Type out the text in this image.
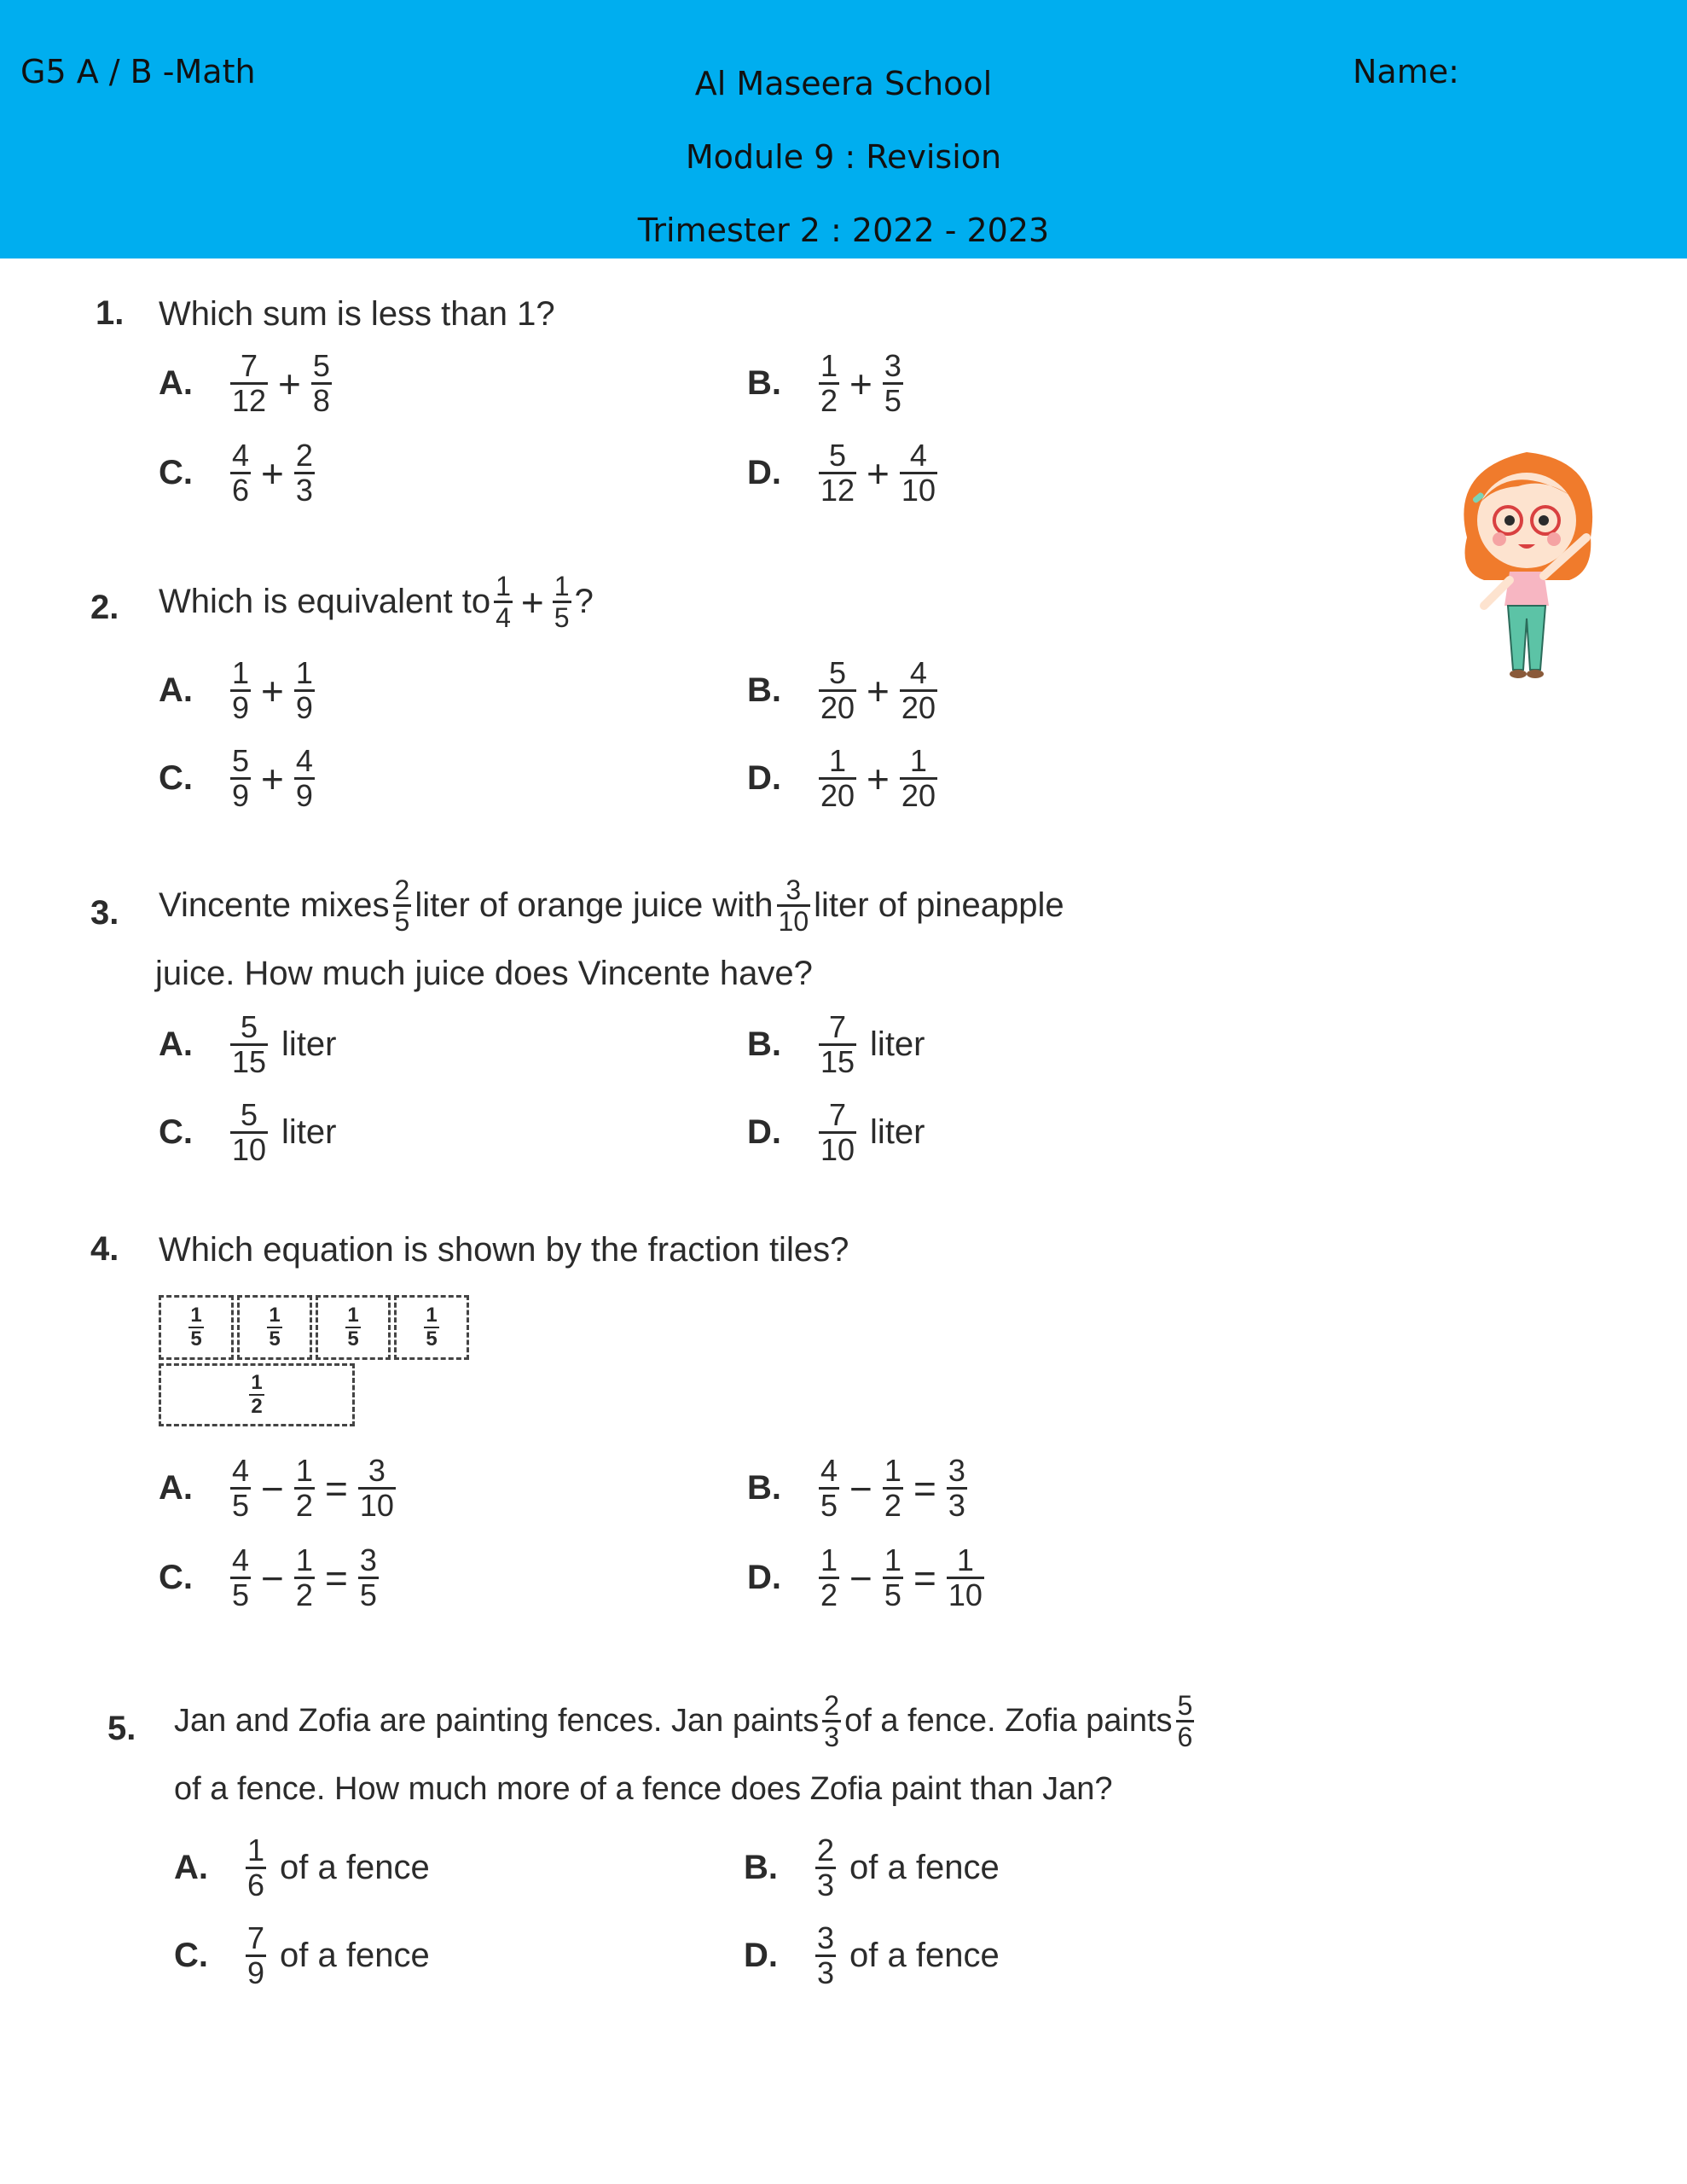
G5 A / B -Math	Al Maseera School
Module 9 : Revision
Trimester 2 : 2022 - 2023
Name:
1. Which sum is less than 1?
A.	$\frac{7}{12} + \frac{5}{8}$	B.	$\frac{1}{2} + \frac{3}{5}$
C.	$\frac{4}{6} + \frac{2}{3}$	D.	$\frac{5}{12} + \frac{4}{10}$
2. Which is equivalent to $\frac{1}{4} + \frac{1}{5}$ ?
A.	$\frac{1}{9} + \frac{1}{9}$	B.	$\frac{5}{20} + \frac{4}{20}$
C.	$\frac{5}{9} + \frac{4}{9}$	D.	$\frac{1}{20} + \frac{1}{20}$
3. Vincente mixes $\frac{2}{5}$ liter of orange juice with $\frac{3}{10}$ liter of pineapple
juice. How much juice does Vincente have?
A.	$\frac{5}{15}$ liter	B.	$\frac{7}{15}$ liter
C.	$\frac{5}{10}$ liter	D.	$\frac{7}{10}$ liter
4. Which equation is shown by the fraction tiles?
$\frac{1}{5}$	$\frac{1}{5}$	$\frac{1}{5}$	$\frac{1}{5}$
$\frac{1}{2}$
A.	$\frac{4}{5} - \frac{1}{2} = \frac{3}{10}$	B.	$\frac{4}{5} - \frac{1}{2} = \frac{3}{3}$
C.	$\frac{4}{5} - \frac{1}{2} = \frac{3}{5}$	D.	$\frac{1}{2} - \frac{1}{5} = \frac{1}{10}$
5. Jan and Zofia are painting fences. Jan paints $\frac{2}{3}$ of a fence. Zofia paints $\frac{5}{6}$
of a fence. How much more of a fence does Zofia paint than Jan?
A.	$\frac{1}{6}$ of a fence	B.	$\frac{2}{3}$ of a fence
C.	$\frac{7}{9}$ of a fence	D.	$\frac{3}{3}$ of a fence
